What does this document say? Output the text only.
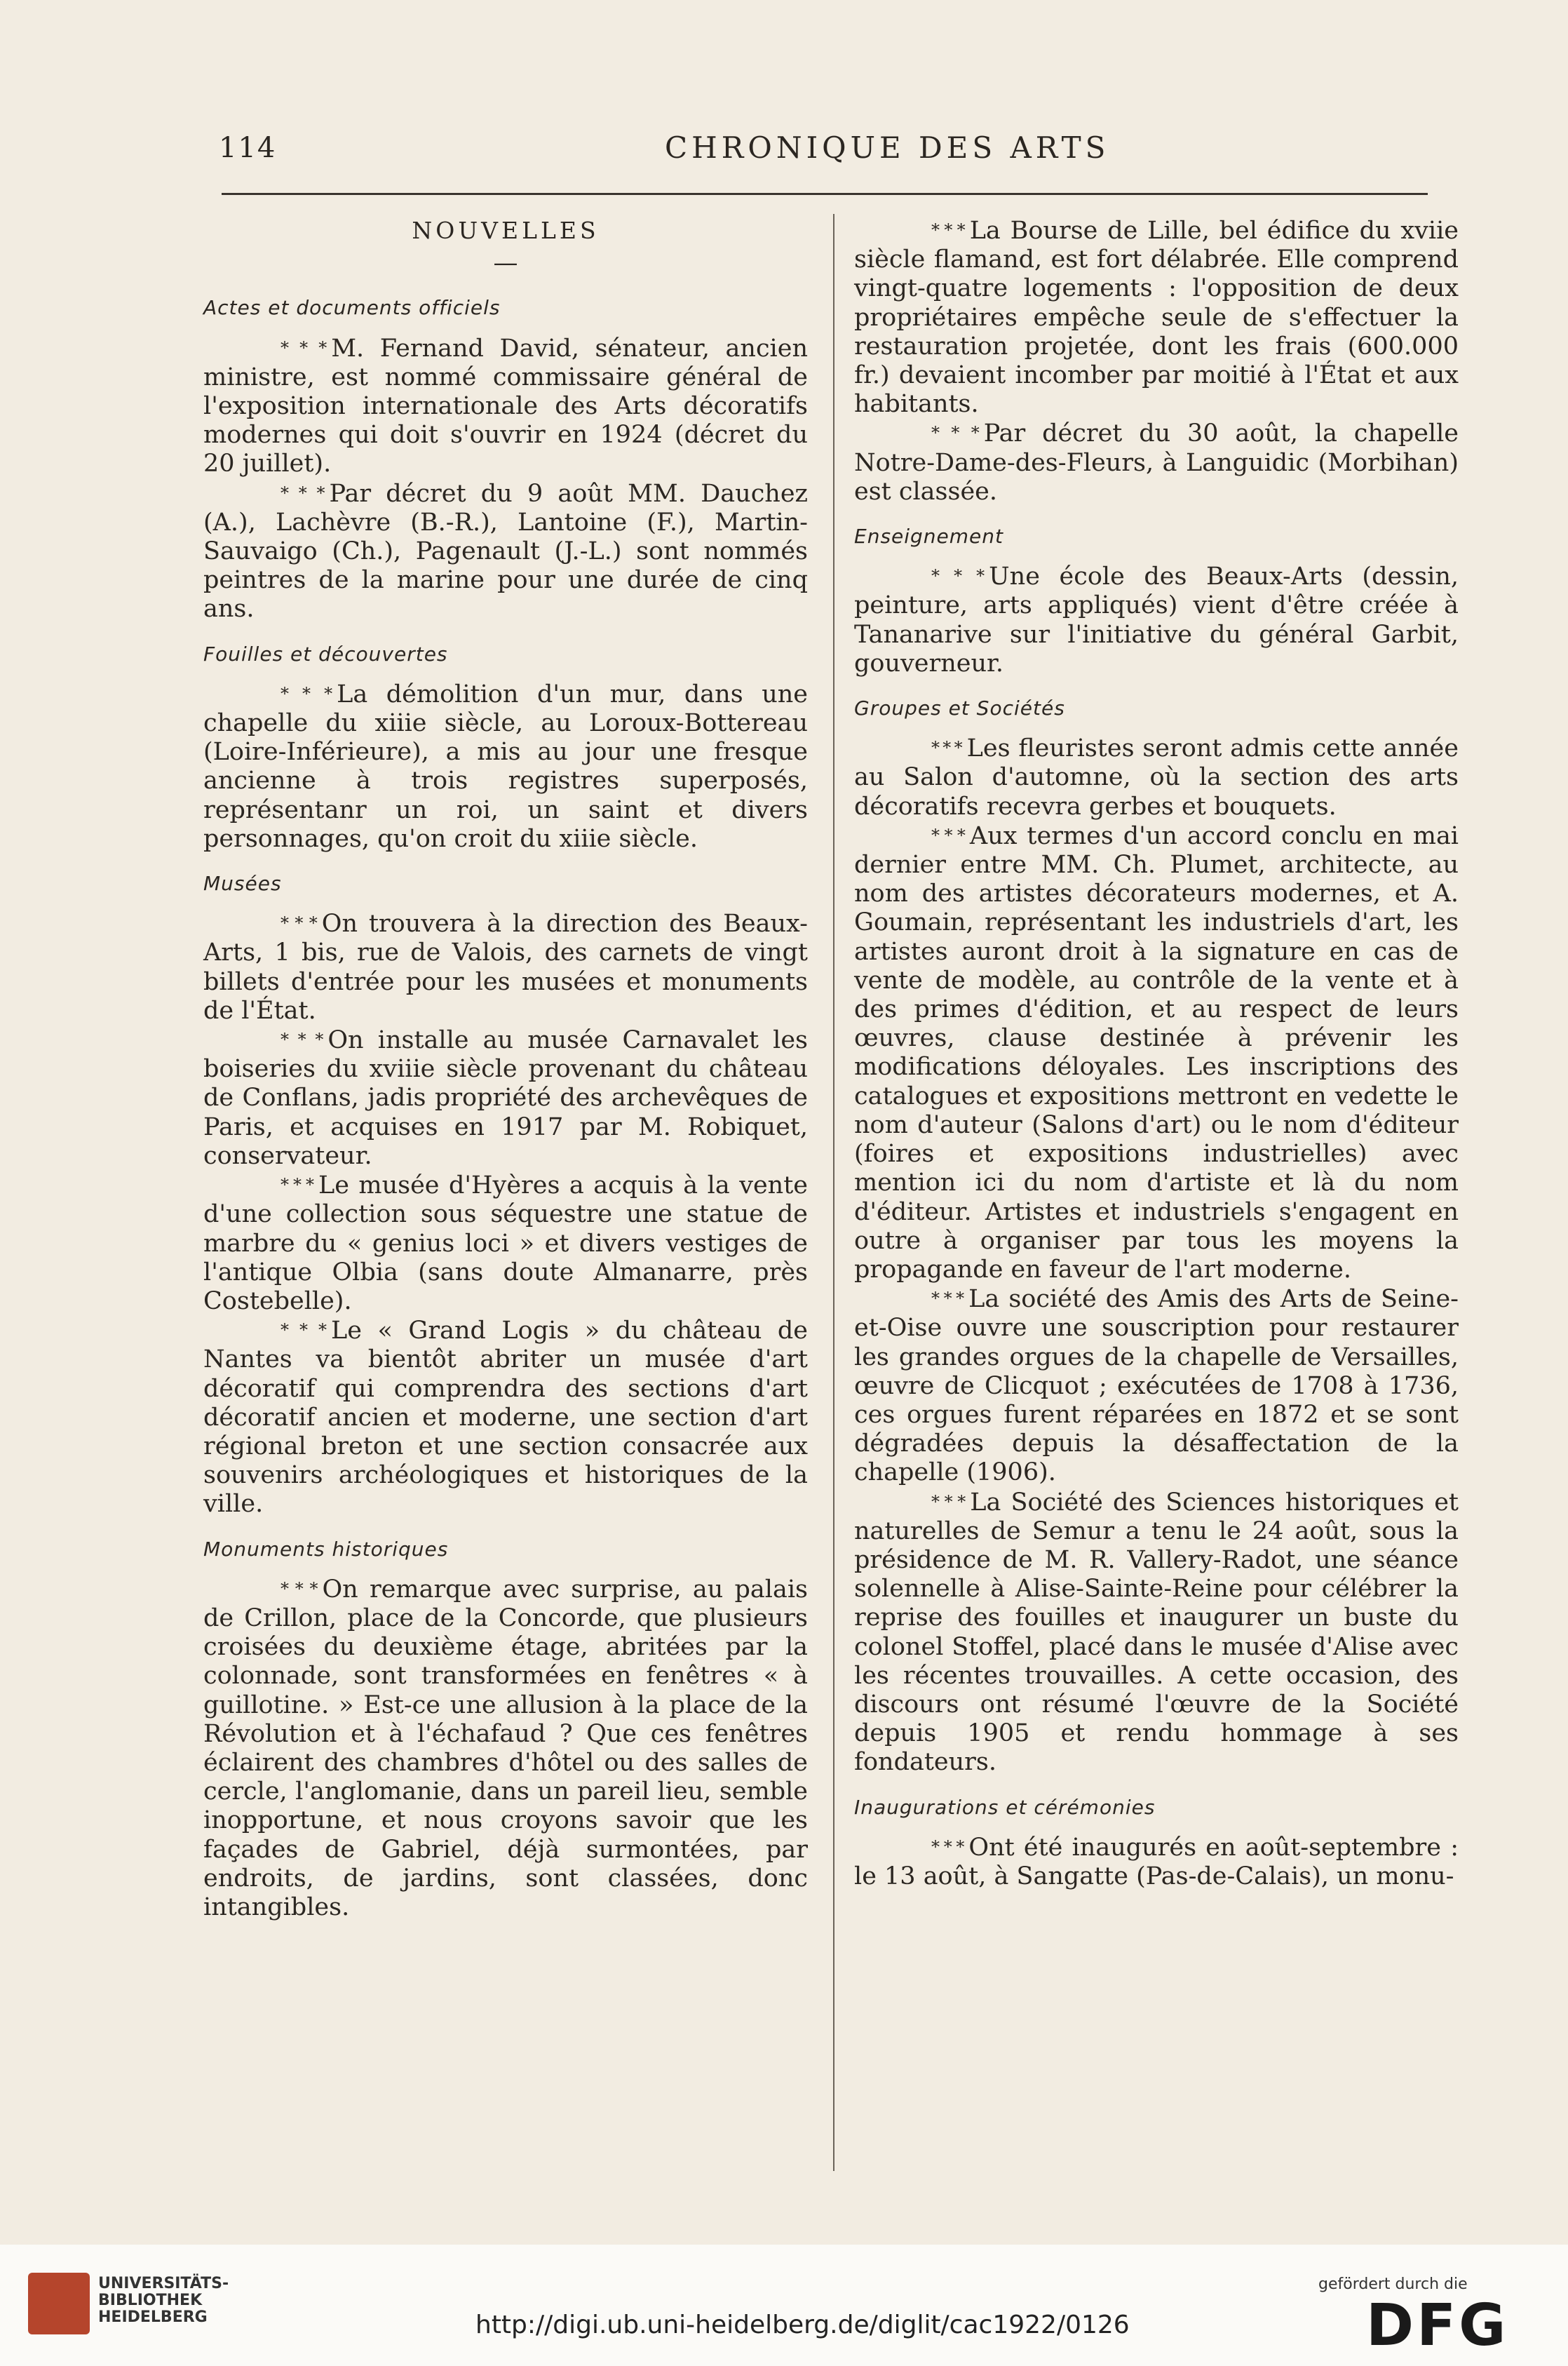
114	CHRONIQUE DES ARTS
NOUVELLES
—
Actes et documents officiels

* * * M. Fernand David, sénateur, ancien ministre, est nommé commissaire général de l'exposition internationale des Arts décoratifs modernes qui doit s'ouvrir en 1924 (décret du 20 juillet).

* * * Par décret du 9 août MM. Dauchez (A.), Lachèvre (B.-R.), Lantoine (F.), Martin-Sauvaigo (Ch.), Pagenault (J.-L.) sont nommés peintres de la marine pour une durée de cinq ans.

Fouilles et découvertes

* * * La démolition d'un mur, dans une chapelle du xiiie siècle, au Loroux-Bottereau (Loire-Inférieure), a mis au jour une fresque ancienne à trois registres superposés, représentanr un roi, un saint et divers personnages, qu'on croit du xiiie siècle.

Musées

* * * On trouvera à la direction des Beaux-Arts, 1 bis, rue de Valois, des carnets de vingt billets d'entrée pour les musées et monuments de l'État.

* * * On installe au musée Carnavalet les boiseries du xviiie siècle provenant du château de Conflans, jadis propriété des archevêques de Paris, et acquises en 1917 par M. Robiquet, conservateur.

* * * Le musée d'Hyères a acquis à la vente d'une collection sous séquestre une statue de marbre du « genius loci » et divers vestiges de l'antique Olbia (sans doute Almanarre, près Costebelle).

* * * Le « Grand Logis » du château de Nantes va bientôt abriter un musée d'art décoratif qui comprendra des sections d'art décoratif ancien et moderne, une section d'art régional breton et une section consacrée aux souvenirs archéologiques et historiques de la ville.

Monuments historiques

* * * On remarque avec surprise, au palais de Crillon, place de la Concorde, que plusieurs croisées du deuxième étage, abritées par la colonnade, sont transformées en fenêtres « à guillotine. » Est-ce une allusion à la place de la Révolution et à l'échafaud ? Que ces fenêtres éclairent des chambres d'hôtel ou des salles de cercle, l'anglomanie, dans un pareil lieu, semble inopportune, et nous croyons savoir que les façades de Gabriel, déjà surmontées, par endroits, de jardins, sont classées, donc intangibles.

* * * La Bourse de Lille, bel édifice du xviie siècle flamand, est fort délabrée. Elle comprend vingt-quatre logements : l'opposition de deux propriétaires empêche seule de s'effectuer la restauration projetée, dont les frais (600.000 fr.) devaient incomber par moitié à l'État et aux habitants.

* * * Par décret du 30 août, la chapelle Notre-Dame-des-Fleurs, à Languidic (Morbihan) est classée.

Enseignement

* * * Une école des Beaux-Arts (dessin, peinture, arts appliqués) vient d'être créée à Tananarive sur l'initiative du général Garbit, gouverneur.

Groupes et Sociétés

* * * Les fleuristes seront admis cette année au Salon d'automne, où la section des arts décoratifs recevra gerbes et bouquets.

* * * Aux termes d'un accord conclu en mai dernier entre MM. Ch. Plumet, architecte, au nom des artistes décorateurs modernes, et A. Goumain, représentant les industriels d'art, les artistes auront droit à la signature en cas de vente de modèle, au contrôle de la vente et à des primes d'édition, et au respect de leurs œuvres, clause destinée à prévenir les modifications déloyales. Les inscriptions des catalogues et expositions mettront en vedette le nom d'auteur (Salons d'art) ou le nom d'éditeur (foires et expositions industrielles) avec mention ici du nom d'artiste et là du nom d'éditeur. Artistes et industriels s'engagent en outre à organiser par tous les moyens la propagande en faveur de l'art moderne.

* * * La société des Amis des Arts de Seine-et-Oise ouvre une souscription pour restaurer les grandes orgues de la chapelle de Versailles, œuvre de Clicquot ; exécutées de 1708 à 1736, ces orgues furent réparées en 1872 et se sont dégradées depuis la désaffectation de la chapelle (1906).

* * * La Société des Sciences historiques et naturelles de Semur a tenu le 24 août, sous la présidence de M. R. Vallery-Radot, une séance solennelle à Alise-Sainte-Reine pour célébrer la reprise des fouilles et inaugurer un buste du colonel Stoffel, placé dans le musée d'Alise avec les récentes trouvailles. A cette occasion, des discours ont résumé l'œuvre de la Société depuis 1905 et rendu hommage à ses fondateurs.

Inaugurations et cérémonies

* * * Ont été inaugurés en août-septembre : le 13 août, à Sangatte (Pas-de-Calais), un monu-

UNIVERSITÄTS-
BIBLIOTHEK
HEIDELBERG	http://digi.ub.uni-heidelberg.de/diglit/cac1922/0126
gefördert durch die
DFG
